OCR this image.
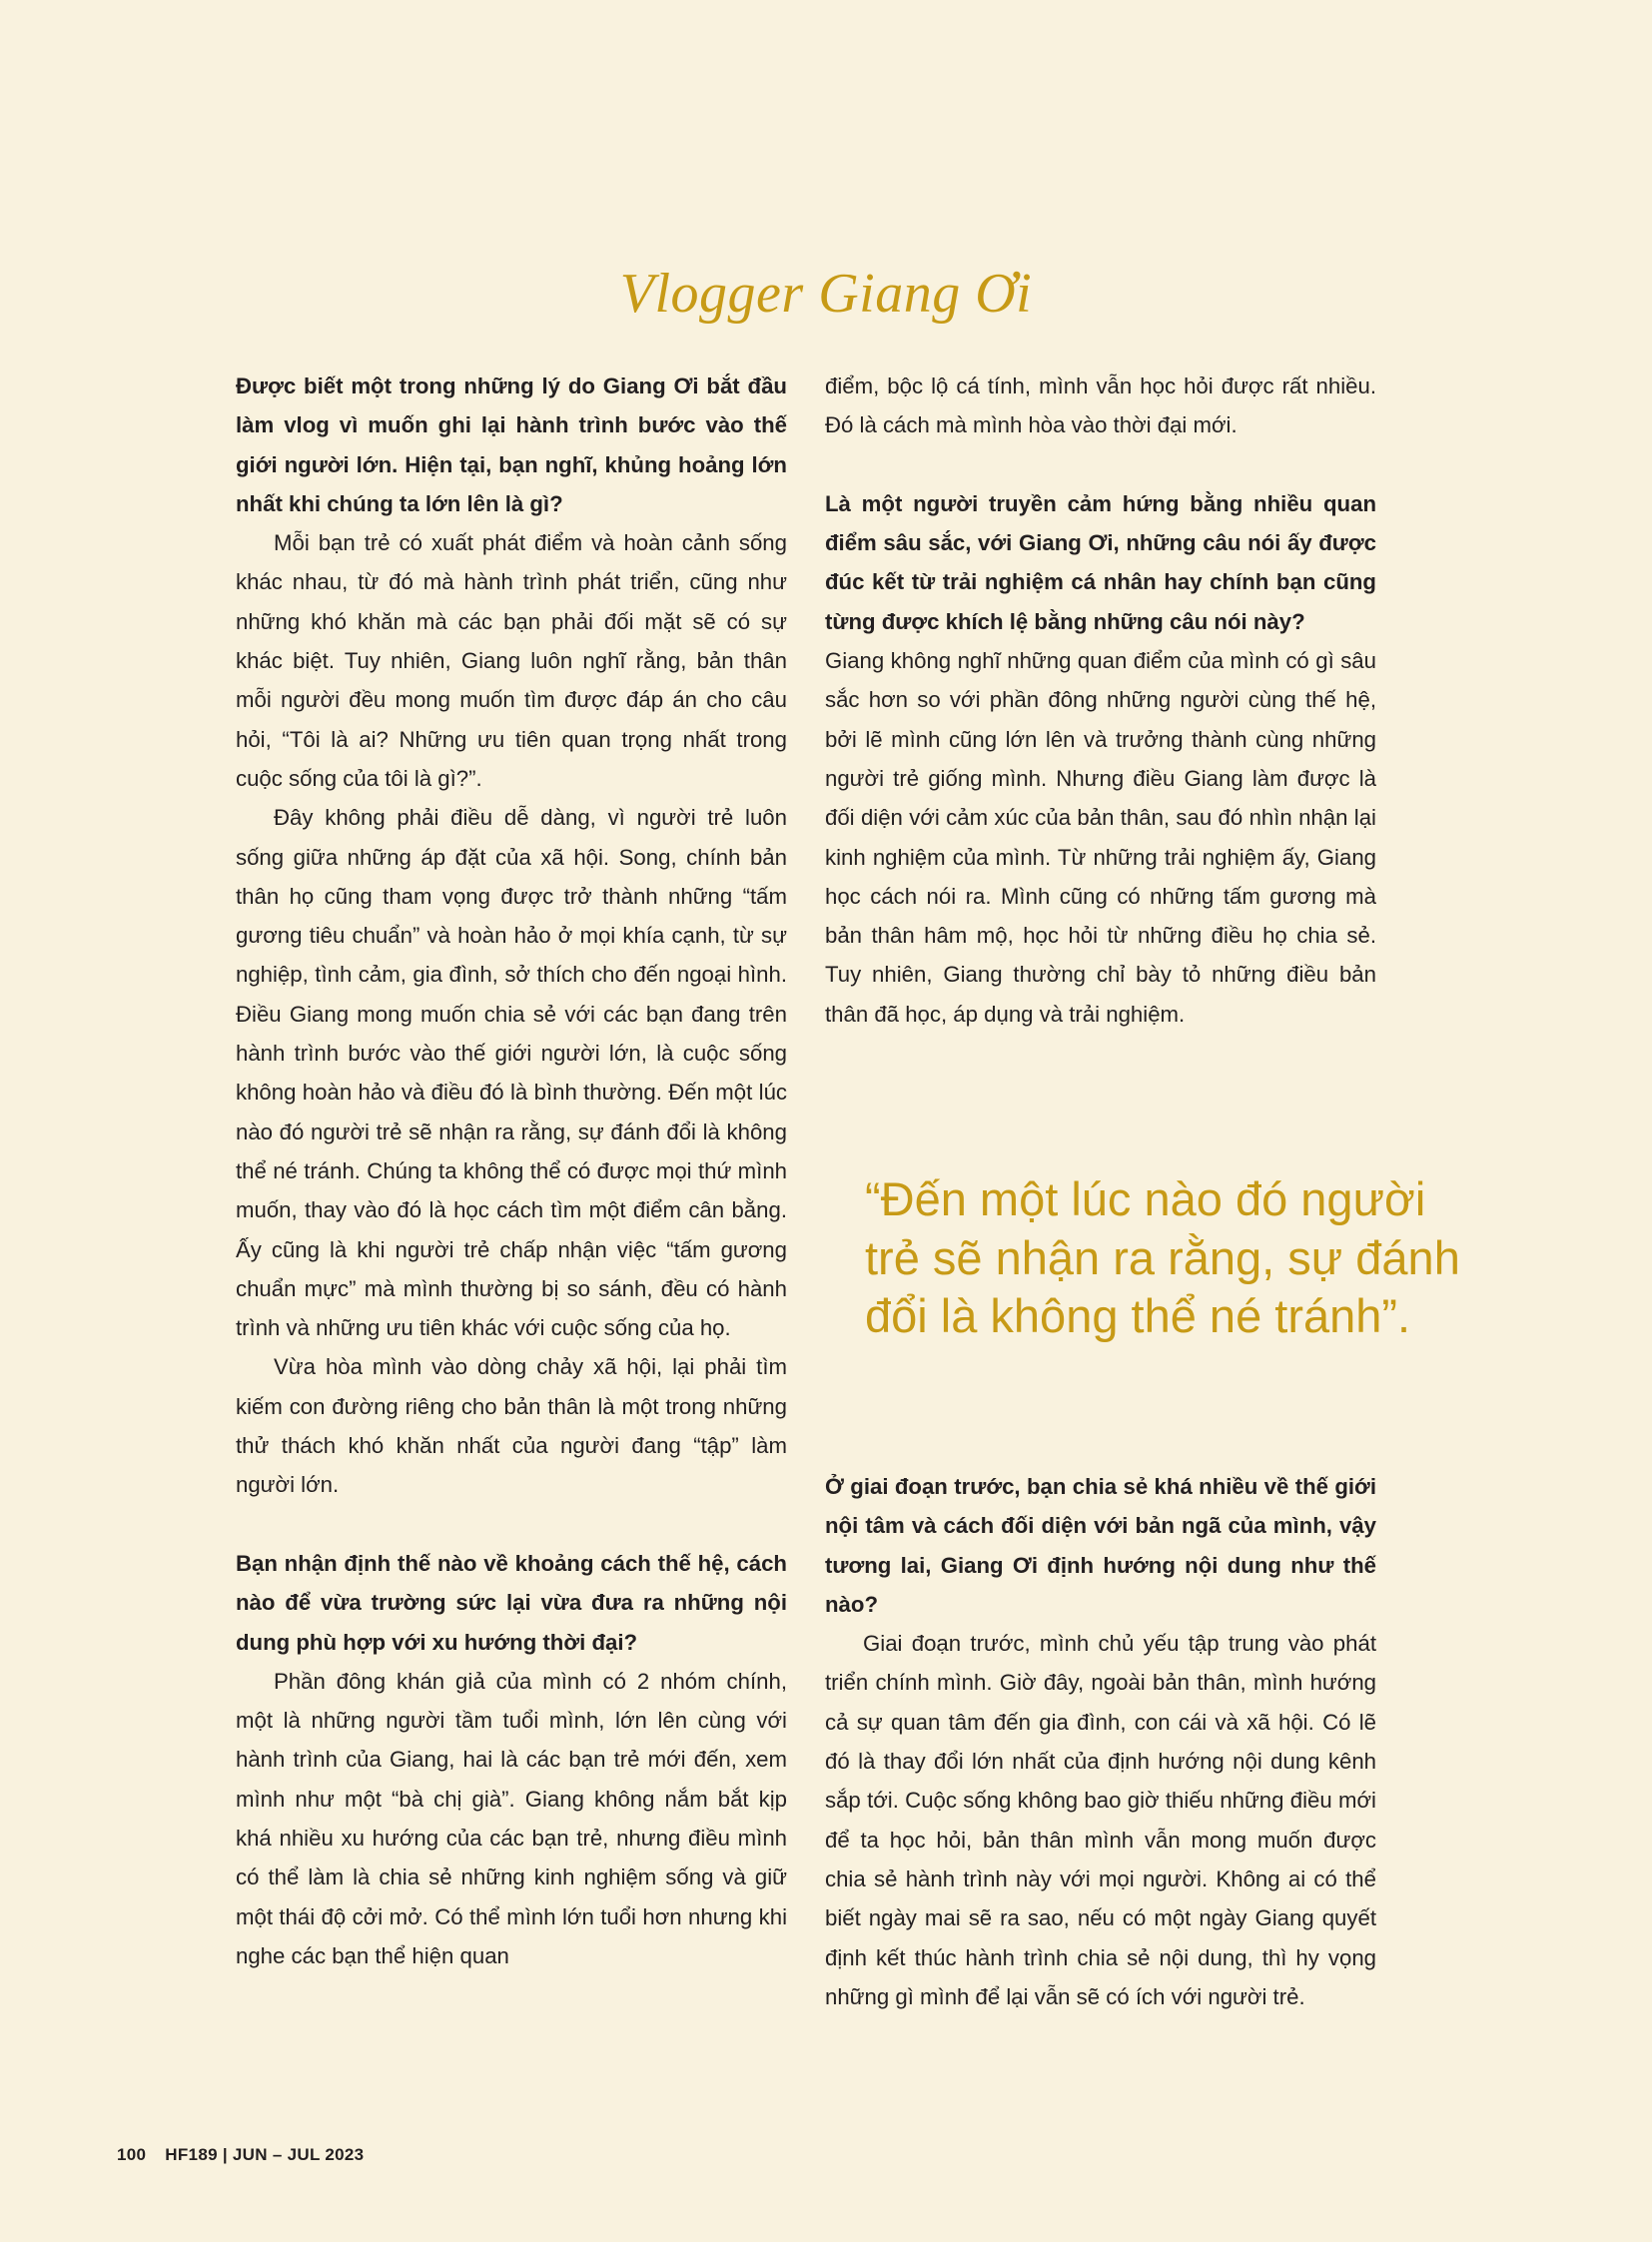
Vlogger Giang Ơi

Được biết một trong những lý do Giang Ơi bắt đầu làm vlog vì muốn ghi lại hành trình bước vào thế giới người lớn. Hiện tại, bạn nghĩ, khủng hoảng lớn nhất khi chúng ta lớn lên là gì?

Mỗi bạn trẻ có xuất phát điểm và hoàn cảnh sống khác nhau, từ đó mà hành trình phát triển, cũng như những khó khăn mà các bạn phải đối mặt sẽ có sự khác biệt. Tuy nhiên, Giang luôn nghĩ rằng, bản thân mỗi người đều mong muốn tìm được đáp án cho câu hỏi, “Tôi là ai? Những ưu tiên quan trọng nhất trong cuộc sống của tôi là gì?”.

Đây không phải điều dễ dàng, vì người trẻ luôn sống giữa những áp đặt của xã hội. Song, chính bản thân họ cũng tham vọng được trở thành những “tấm gương tiêu chuẩn” và hoàn hảo ở mọi khía cạnh, từ sự nghiệp, tình cảm, gia đình, sở thích cho đến ngoại hình. Điều Giang mong muốn chia sẻ với các bạn đang trên hành trình bước vào thế giới người lớn, là cuộc sống không hoàn hảo và điều đó là bình thường. Đến một lúc nào đó người trẻ sẽ nhận ra rằng, sự đánh đổi là không thể né tránh. Chúng ta không thể có được mọi thứ mình muốn, thay vào đó là học cách tìm một điểm cân bằng. Ấy cũng là khi người trẻ chấp nhận việc “tấm gương chuẩn mực” mà mình thường bị so sánh, đều có hành trình và những ưu tiên khác với cuộc sống của họ.

Vừa hòa mình vào dòng chảy xã hội, lại phải tìm kiếm con đường riêng cho bản thân là một trong những thử thách khó khăn nhất của người đang “tập” làm người lớn.

Bạn nhận định thế nào về khoảng cách thế hệ, cách nào để vừa trường sức lại vừa đưa ra những nội dung phù hợp với xu hướng thời đại?

Phần đông khán giả của mình có 2 nhóm chính, một là những người tầm tuổi mình, lớn lên cùng với hành trình của Giang, hai là các bạn trẻ mới đến, xem mình như một “bà chị già”. Giang không nắm bắt kịp khá nhiều xu hướng của các bạn trẻ, nhưng điều mình có thể làm là chia sẻ những kinh nghiệm sống và giữ một thái độ cởi mở. Có thể mình lớn tuổi hơn nhưng khi nghe các bạn thể hiện quan

điểm, bộc lộ cá tính, mình vẫn học hỏi được rất nhiều. Đó là cách mà mình hòa vào thời đại mới.

Là một người truyền cảm hứng bằng nhiều quan điểm sâu sắc, với Giang Ơi, những câu nói ấy được đúc kết từ trải nghiệm cá nhân hay chính bạn cũng từng được khích lệ bằng những câu nói này?

Giang không nghĩ những quan điểm của mình có gì sâu sắc hơn so với phần đông những người cùng thế hệ, bởi lẽ mình cũng lớn lên và trưởng thành cùng những người trẻ giống mình. Nhưng điều Giang làm được là đối diện với cảm xúc của bản thân, sau đó nhìn nhận lại kinh nghiệm của mình. Từ những trải nghiệm ấy, Giang học cách nói ra. Mình cũng có những tấm gương mà bản thân hâm mộ, học hỏi từ những điều họ chia sẻ. Tuy nhiên, Giang thường chỉ bày tỏ những điều bản thân đã học, áp dụng và trải nghiệm.

“Đến một lúc nào đó người trẻ sẽ nhận ra rằng, sự đánh đổi là không thể né tránh”.

Ở giai đoạn trước, bạn chia sẻ khá nhiều về thế giới nội tâm và cách đối diện với bản ngã của mình, vậy tương lai, Giang Ơi định hướng nội dung như thế nào?

Giai đoạn trước, mình chủ yếu tập trung vào phát triển chính mình. Giờ đây, ngoài bản thân, mình hướng cả sự quan tâm đến gia đình, con cái và xã hội. Có lẽ đó là thay đổi lớn nhất của định hướng nội dung kênh sắp tới. Cuộc sống không bao giờ thiếu những điều mới để ta học hỏi, bản thân mình vẫn mong muốn được chia sẻ hành trình này với mọi người. Không ai có thể biết ngày mai sẽ ra sao, nếu có một ngày Giang quyết định kết thúc hành trình chia sẻ nội dung, thì hy vọng những gì mình để lại vẫn sẽ có ích với người trẻ.

100 HF189 | JUN – JUL 2023
